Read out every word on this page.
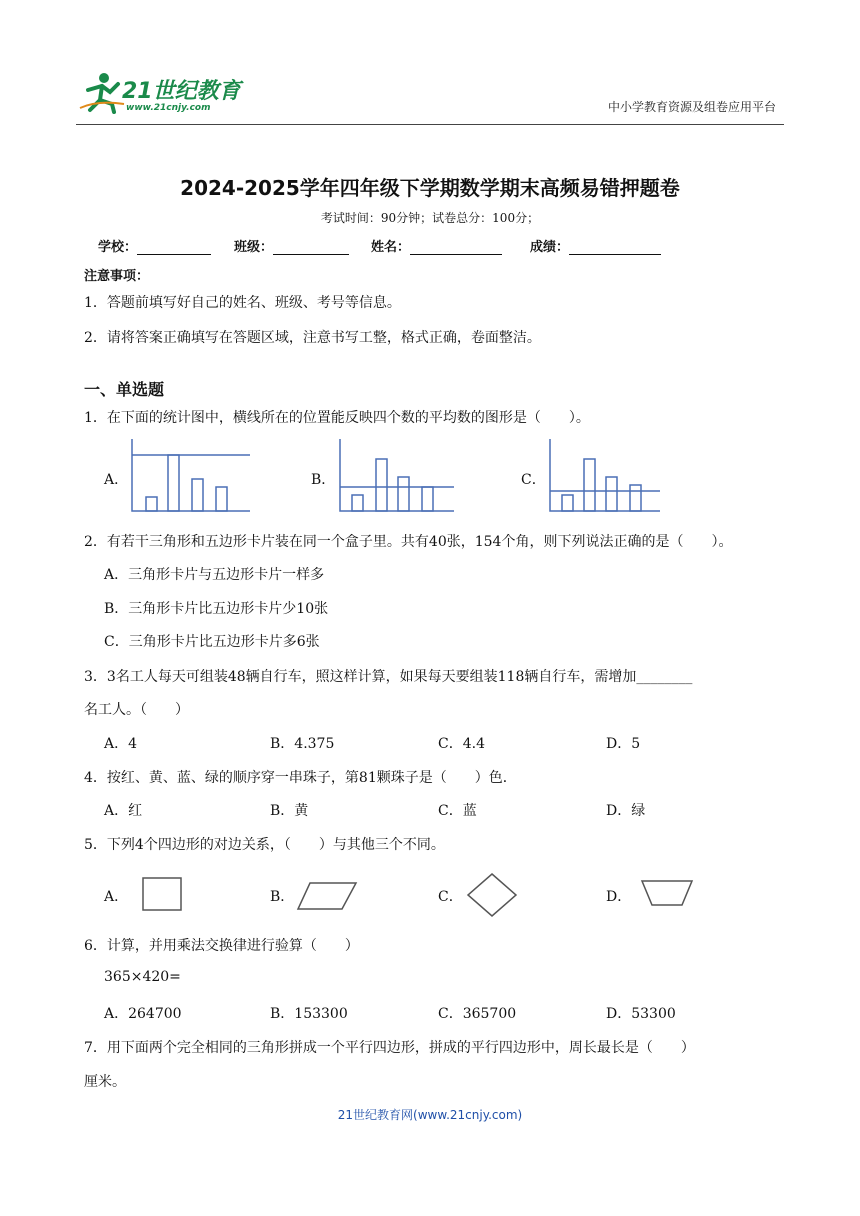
21世纪教育
www.21cnjy.com	中小学教育资源及组卷应用平台
2024-2025学年四年级下学期数学期末高频易错押题卷
考试时间：90分钟；试卷总分：100分；
学校：	班级：	姓名：	成绩：
注意事项：
1．答题前填写好自己的姓名、班级、考号等信息。
2．请将答案正确填写在答题区域，注意书写工整，格式正确，卷面整洁。
一、单选题
1．在下面的统计图中，横线所在的位置能反映四个数的平均数的图形是（　　）。
A．	B．	C．
2．有若干三角形和五边形卡片装在同一个盒子里。共有40张，154个角，则下列说法正确的是（　　）。
A．三角形卡片与五边形卡片一样多
B．三角形卡片比五边形卡片少10张
C．三角形卡片比五边形卡片多6张
3．3名工人每天可组装48辆自行车，照这样计算，如果每天要组装118辆自行车，需增加________
名工人。（　　）
A．4	B．4.375	C．4.4	D．5
4．按红、黄、蓝、绿的顺序穿一串珠子，第81颗珠子是（　　）色．
A．红	B．黄	C．蓝	D．绿
5．下列4个四边形的对边关系，（　　）与其他三个不同。
A．	B．	C．	D．
6．计算，并用乘法交换律进行验算（　　）
365×420=
A．264700	B．153300	C．365700	D．53300
7．用下面两个完全相同的三角形拼成一个平行四边形，拼成的平行四边形中，周长最长是（　　）
厘米。
21世纪教育网(www.21cnjy.com)
